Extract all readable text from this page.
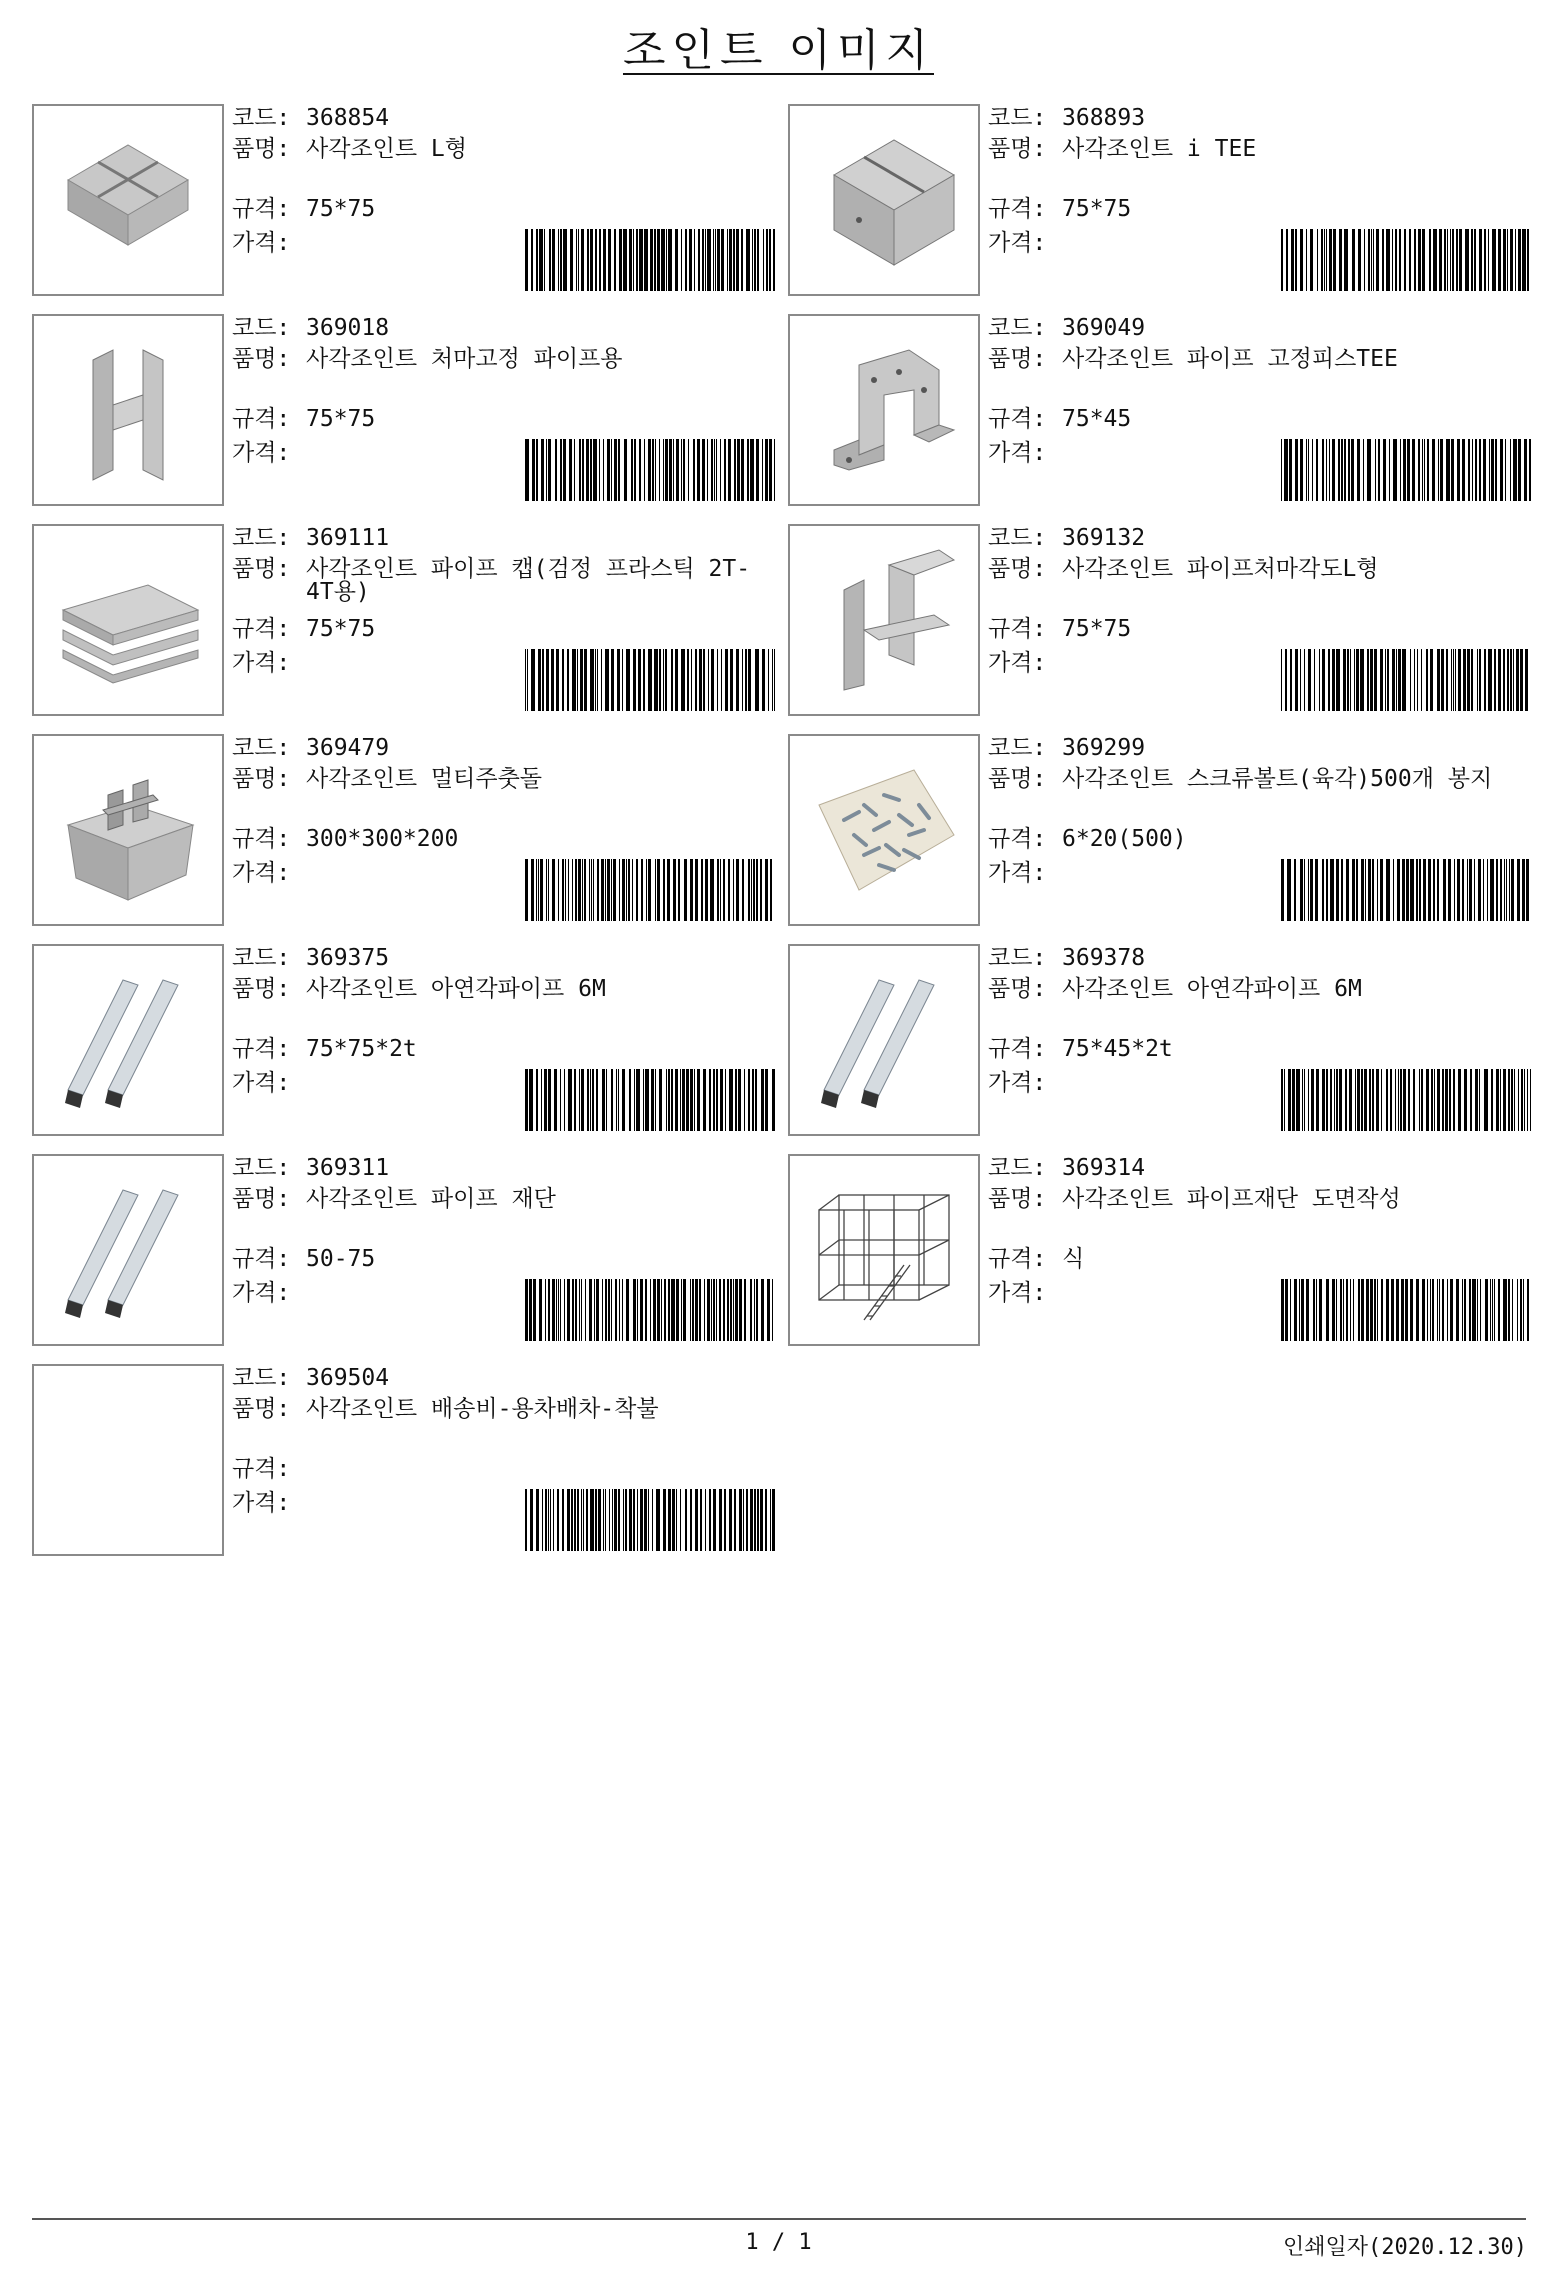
조인트 이미지
코드: 368854
품명: 사각조인트 L형
규격: 75*75
가격:
코드: 368893
품명: 사각조인트 i TEE
규격: 75*75
가격:
코드: 369018
품명: 사각조인트 처마고정 파이프용
규격: 75*75
가격:
코드: 369049
품명: 사각조인트 파이프 고정피스TEE
규격: 75*45
가격:
코드: 369111
품명: 사각조인트 파이프 캡(검정 프라스틱 2T-4T용)
규격: 75*75
가격:
코드: 369132
품명: 사각조인트 파이프처마각도L형
규격: 75*75
가격:
코드: 369479
품명: 사각조인트 멀티주춧돌
규격: 300*300*200
가격:
코드: 369299
품명: 사각조인트 스크류볼트(육각)500개 봉지
규격: 6*20(500)
가격:
코드: 369375
품명: 사각조인트 아연각파이프 6M
규격: 75*75*2t
가격:
코드: 369378
품명: 사각조인트 아연각파이프 6M
규격: 75*45*2t
가격:
코드: 369311
품명: 사각조인트 파이프 재단
규격: 50-75
가격:
코드: 369314
품명: 사각조인트 파이프재단 도면작성
규격: 식
가격:
코드: 369504
품명: 사각조인트 배송비-용차배차-착불
규격:
가격:
1 / 1	인쇄일자(2020.12.30)
